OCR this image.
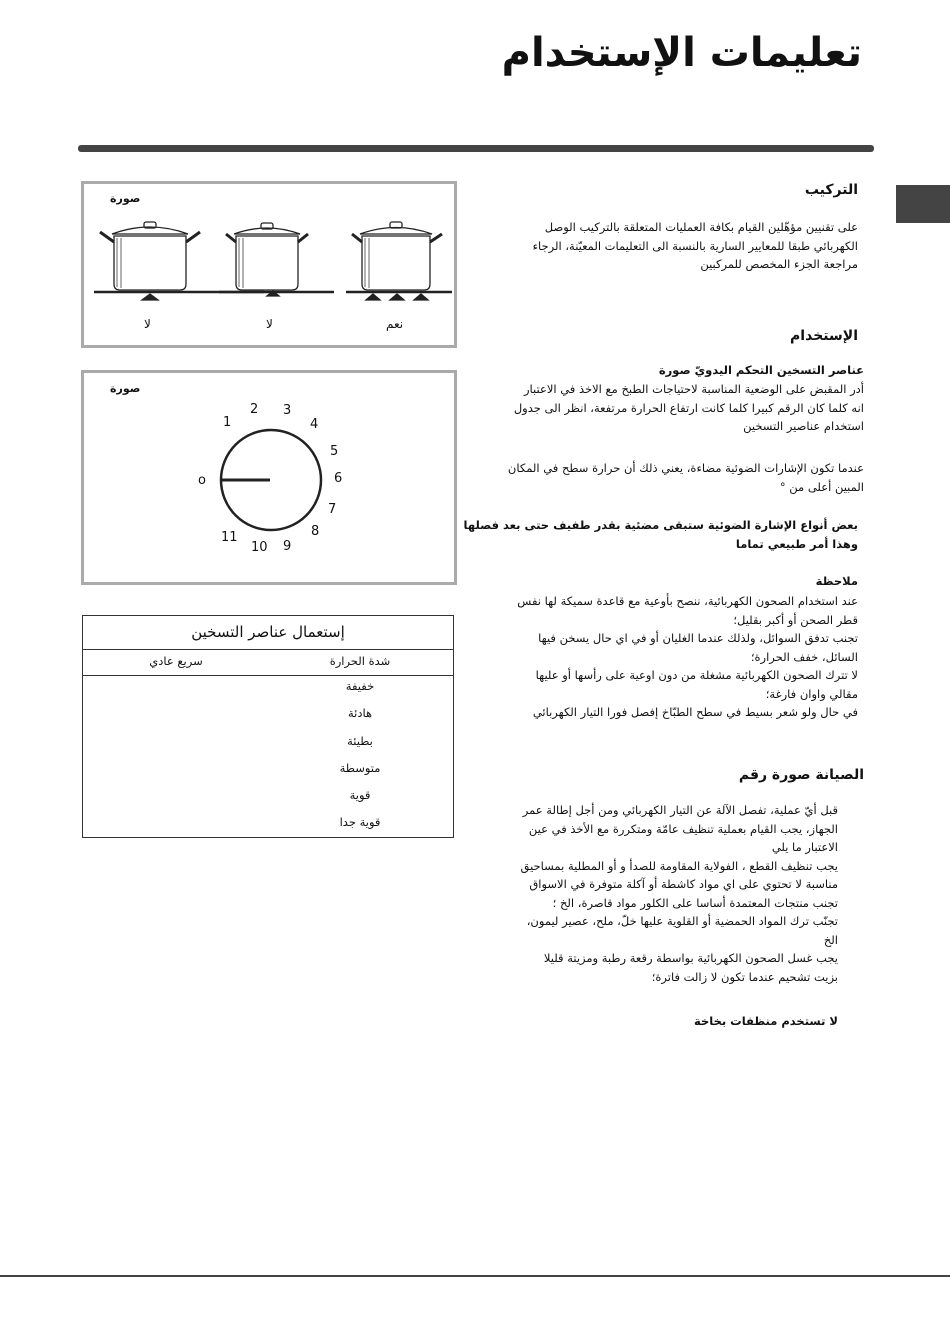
تعليمات الإستخدام
التركيب
على تقنيين مؤهّلين القيام بكافة العمليات المتعلقة بالتركيب الوصل
الكهربائي طبقا للمعايير السارية بالنسبة الى التعليمات المعيّنة، الرجاء
مراجعة الجزء المخصص للمركبين
الإستخدام
عناصر التسخين التحكم اليدويّ صورة
أدر المقبض على الوضعية المناسبة لاحتياجات الطبخ مع الاخذ في الاعتبار
انه كلما كان الرقم كبيرا كلما كانت ارتفاع الحرارة مرتفعة، انظر الى جدول
استخدام عناصير التسخين
عندما تكون الإشارات الضوئية مضاءة، يعني ذلك أن حرارة سطح في المكان
المبين أعلى من °
بعض أنواع الإشارة الضوئية ستبقى مضئية بقدر طفيف حتى بعد فصلها
وهذا أمر طبيعي تماما
ملاحظة
عند استخدام الصحون الكهربائية، ننصح بأوعية مع قاعدة سميكة لها نفس
قطر الصحن أو أكبر بقليل؛
تجنب تدفق السوائل، ولذلك عندما الغليان أو في اي حال يسخن فيها
السائل، خفف الحرارة؛
لا تترك الصحون الكهربائية مشغلة من دون اوعية على رأسها أو عليها
مقالي واوان فارغة؛
في حال ولو شعر بسيط في سطح الطبّاخ إفصل فورا التيار الكهربائي
الصيانة صورة رقم
قبل أيّ عملية، تفصل الآلة عن التيار الكهربائي ومن أجل إطالة عمر
الجهاز، يجب القيام بعملية تنظيف عامّة ومتكررة مع الأخذ في عين
الاعتبار ما يلي
يجب تنظيف القطع ، الفولاية المقاومة للصدأ و أو المطلية بمساحيق
مناسبة لا تحتوي على اي مواد كاشطة أو آكلة متوفرة في الاسواق
تجنب منتجات المعتمدة أساسا على الكلور مواد قاصرة، الخ ؛
تجنّب ترك المواد الحمضية أو القلوية عليها خلّ، ملح، عصير ليمون،
الخ
يجب غسل الصحون الكهربائية بواسطة رقعة رطبة ومزيتة قليلا
بزيت تشحيم عندما تكون لا زالت فاترة؛
لا تستخدم منظفات بخاخة
صورة
لا	لا	نعم
صورة
o
1
2 3
4
5
6
7
8
9
10
11
إستعمال عناصر التسخين
سريع عادي	شدة الحرارة
خفيفة
هادئة
بطيئة
متوسطة
قوية
قوية جدا
